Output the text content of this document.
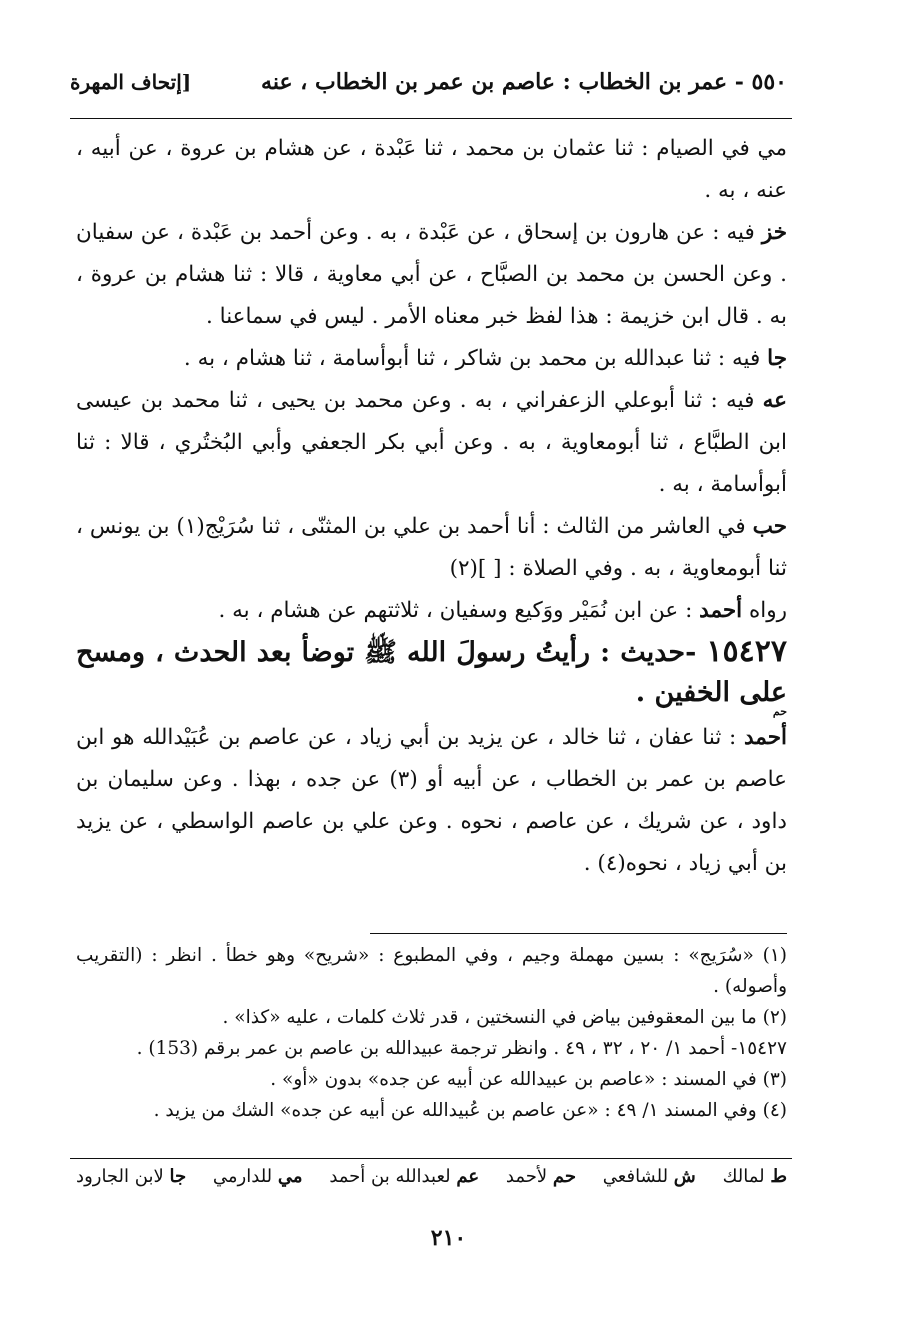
٥٥٠ - عمر بن الخطاب : عاصم بن عمر بن الخطاب ، عنه
[إتحاف المهرة

مي في الصيام : ثنا عثمان بن محمد ، ثنا عَبْدة ، عن هشام بن عروة ، عن أبيه ، عنه ، به .

خز فيه : عن هارون بن إسحاق ، عن عَبْدة ، به . وعن أحمد بن عَبْدة ، عن سفيان . وعن الحسن بن محمد بن الصبَّاح ، عن أبي معاوية ، قالا : ثنا هشام بن عروة ، به . قال ابن خزيمة : هذا لفظ خبر معناه الأمر . ليس في سماعنا .

جا فيه : ثنا عبدالله بن محمد بن شاكر ، ثنا أبوأسامة ، ثنا هشام ، به .

عه فيه : ثنا أبوعلي الزعفراني ، به . وعن محمد بن يحيى ، ثنا محمد بن عيسى ابن الطبَّاع ، ثنا أبومعاوية ، به . وعن أبي بكر الجعفي وأبي البُختُري ، قالا : ثنا أبوأسامة ، به .

حب في العاشر من الثالث : أنا أحمد بن علي بن المثنّى ، ثنا سُرَيْج(١) بن يونس ، ثنا أبومعاوية ، به . وفي الصلاة : [ ](٢)

رواه أحمد : عن ابن نُمَيْر ووَكيع وسفيان ، ثلاثتهم عن هشام ، به .

١٥٤٢٧ -حديث : رأيتُ رسولَ الله ﷺ توضأ بعد الحدث ، ومسح على الخفين .
حم

أحمد : ثنا عفان ، ثنا خالد ، عن يزيد بن أبي زياد ، عن عاصم بن عُبَيْدالله هو ابن عاصم بن عمر بن الخطاب ، عن أبيه أو (٣) عن جده ، بهذا . وعن سليمان بن داود ، عن شريك ، عن عاصم ، نحوه . وعن علي بن عاصم الواسطي ، عن يزيد بن أبي زياد ، نحوه(٤) .

(١) «سُرَيج» : بسين مهملة وجيم ، وفي المطبوع : «شريح» وهو خطأ . انظر : (التقريب وأصوله) .

(٢) ما بين المعقوفين بياض في النسختين ، قدر ثلاث كلمات ، عليه «كذا» .

١٥٤٢٧- أحمد ١/ ٢٠ ، ٣٢ ، ٤٩ . وانظر ترجمة عبيدالله بن عاصم بن عمر برقم (153) .

(٣) في المسند : «عاصم بن عبيدالله عن أبيه عن جده» بدون «أو» .

(٤) وفي المسند ١/ ٤٩ : «عن عاصم بن عُبيدالله عن أبيه عن جده» الشك من يزيد .

ط لمالك
ش للشافعي
حم لأحمد
عم لعبدالله بن أحمد
مي للدارمي
جا لابن الجارود
٢١٠
